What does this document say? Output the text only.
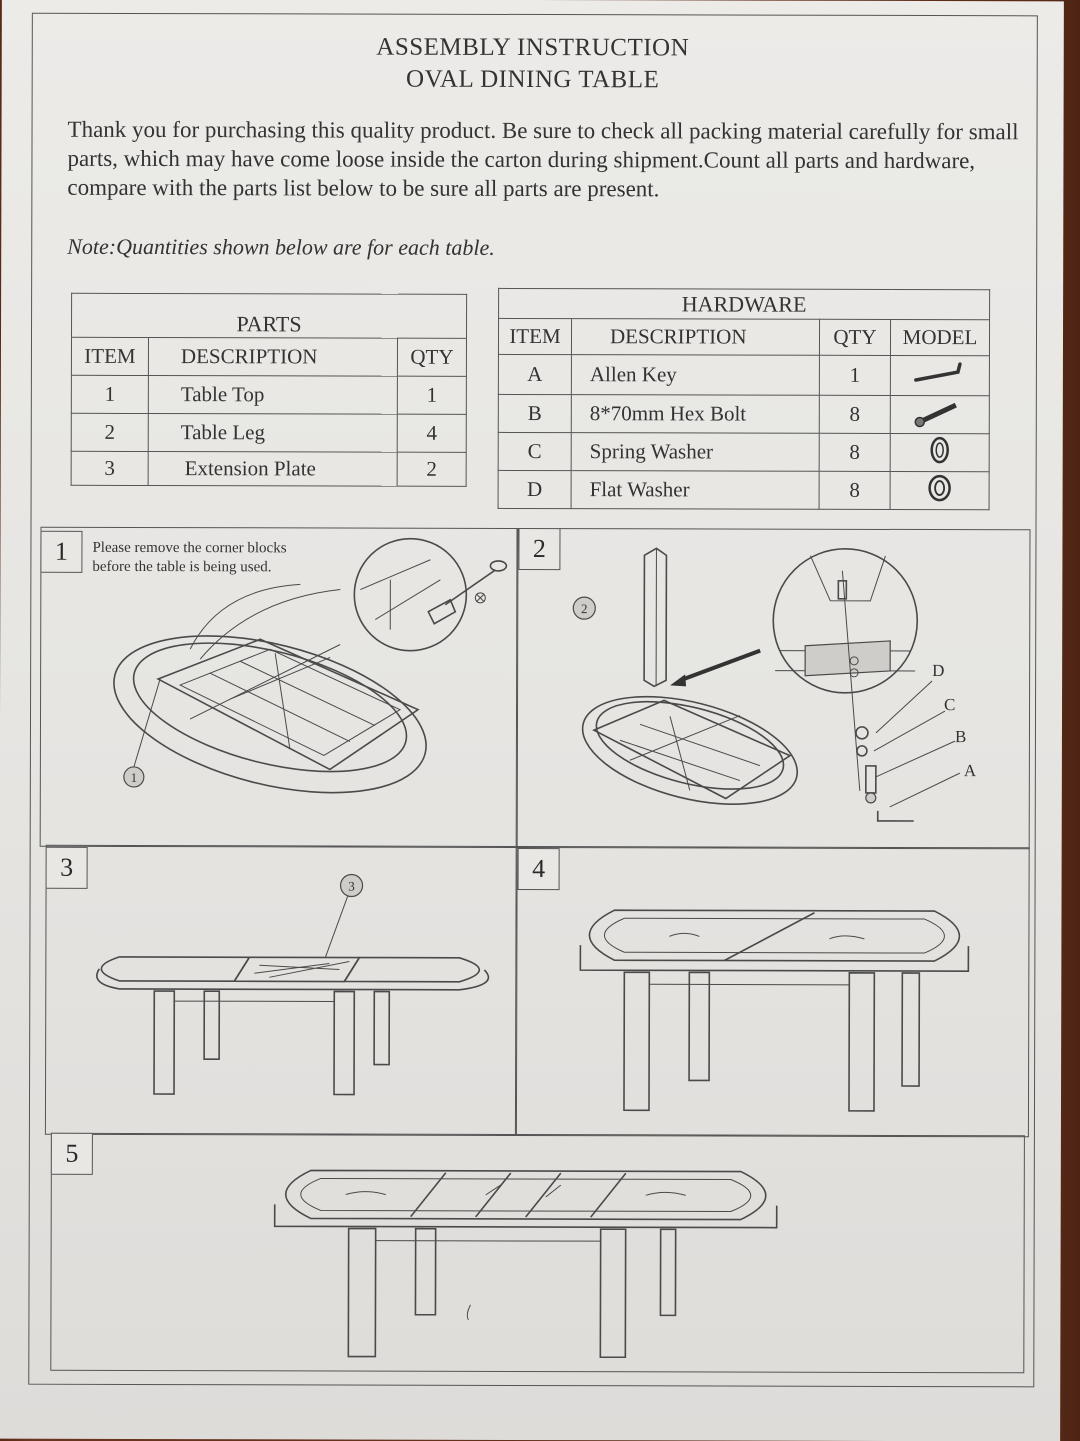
ASSEMBLY INSTRUCTION
OVAL DINING TABLE
Thank you for purchasing this quality product. Be sure to check all packing material carefully for small parts, which may have come loose inside the carton during shipment.Count all parts and hardware, compare with the parts list below to be sure all parts are present.
Note:Quantities shown below are for each table.
PARTS		
ITEM	DESCRIPTION	QTY
1	Table Top	1
2	Table Leg	4
3	Extension Plate	2
HARDWARE			
ITEM	DESCRIPTION	QTY	MODEL
A	Allen Key	1	
B	8*70mm Hex Bolt	8	
C	Spring Washer	8	
D	Flat Washer	8	
1	2
3	4
5
Please remove the corner blocks
before the table is being used.
1
2
D
C
B
A
3
